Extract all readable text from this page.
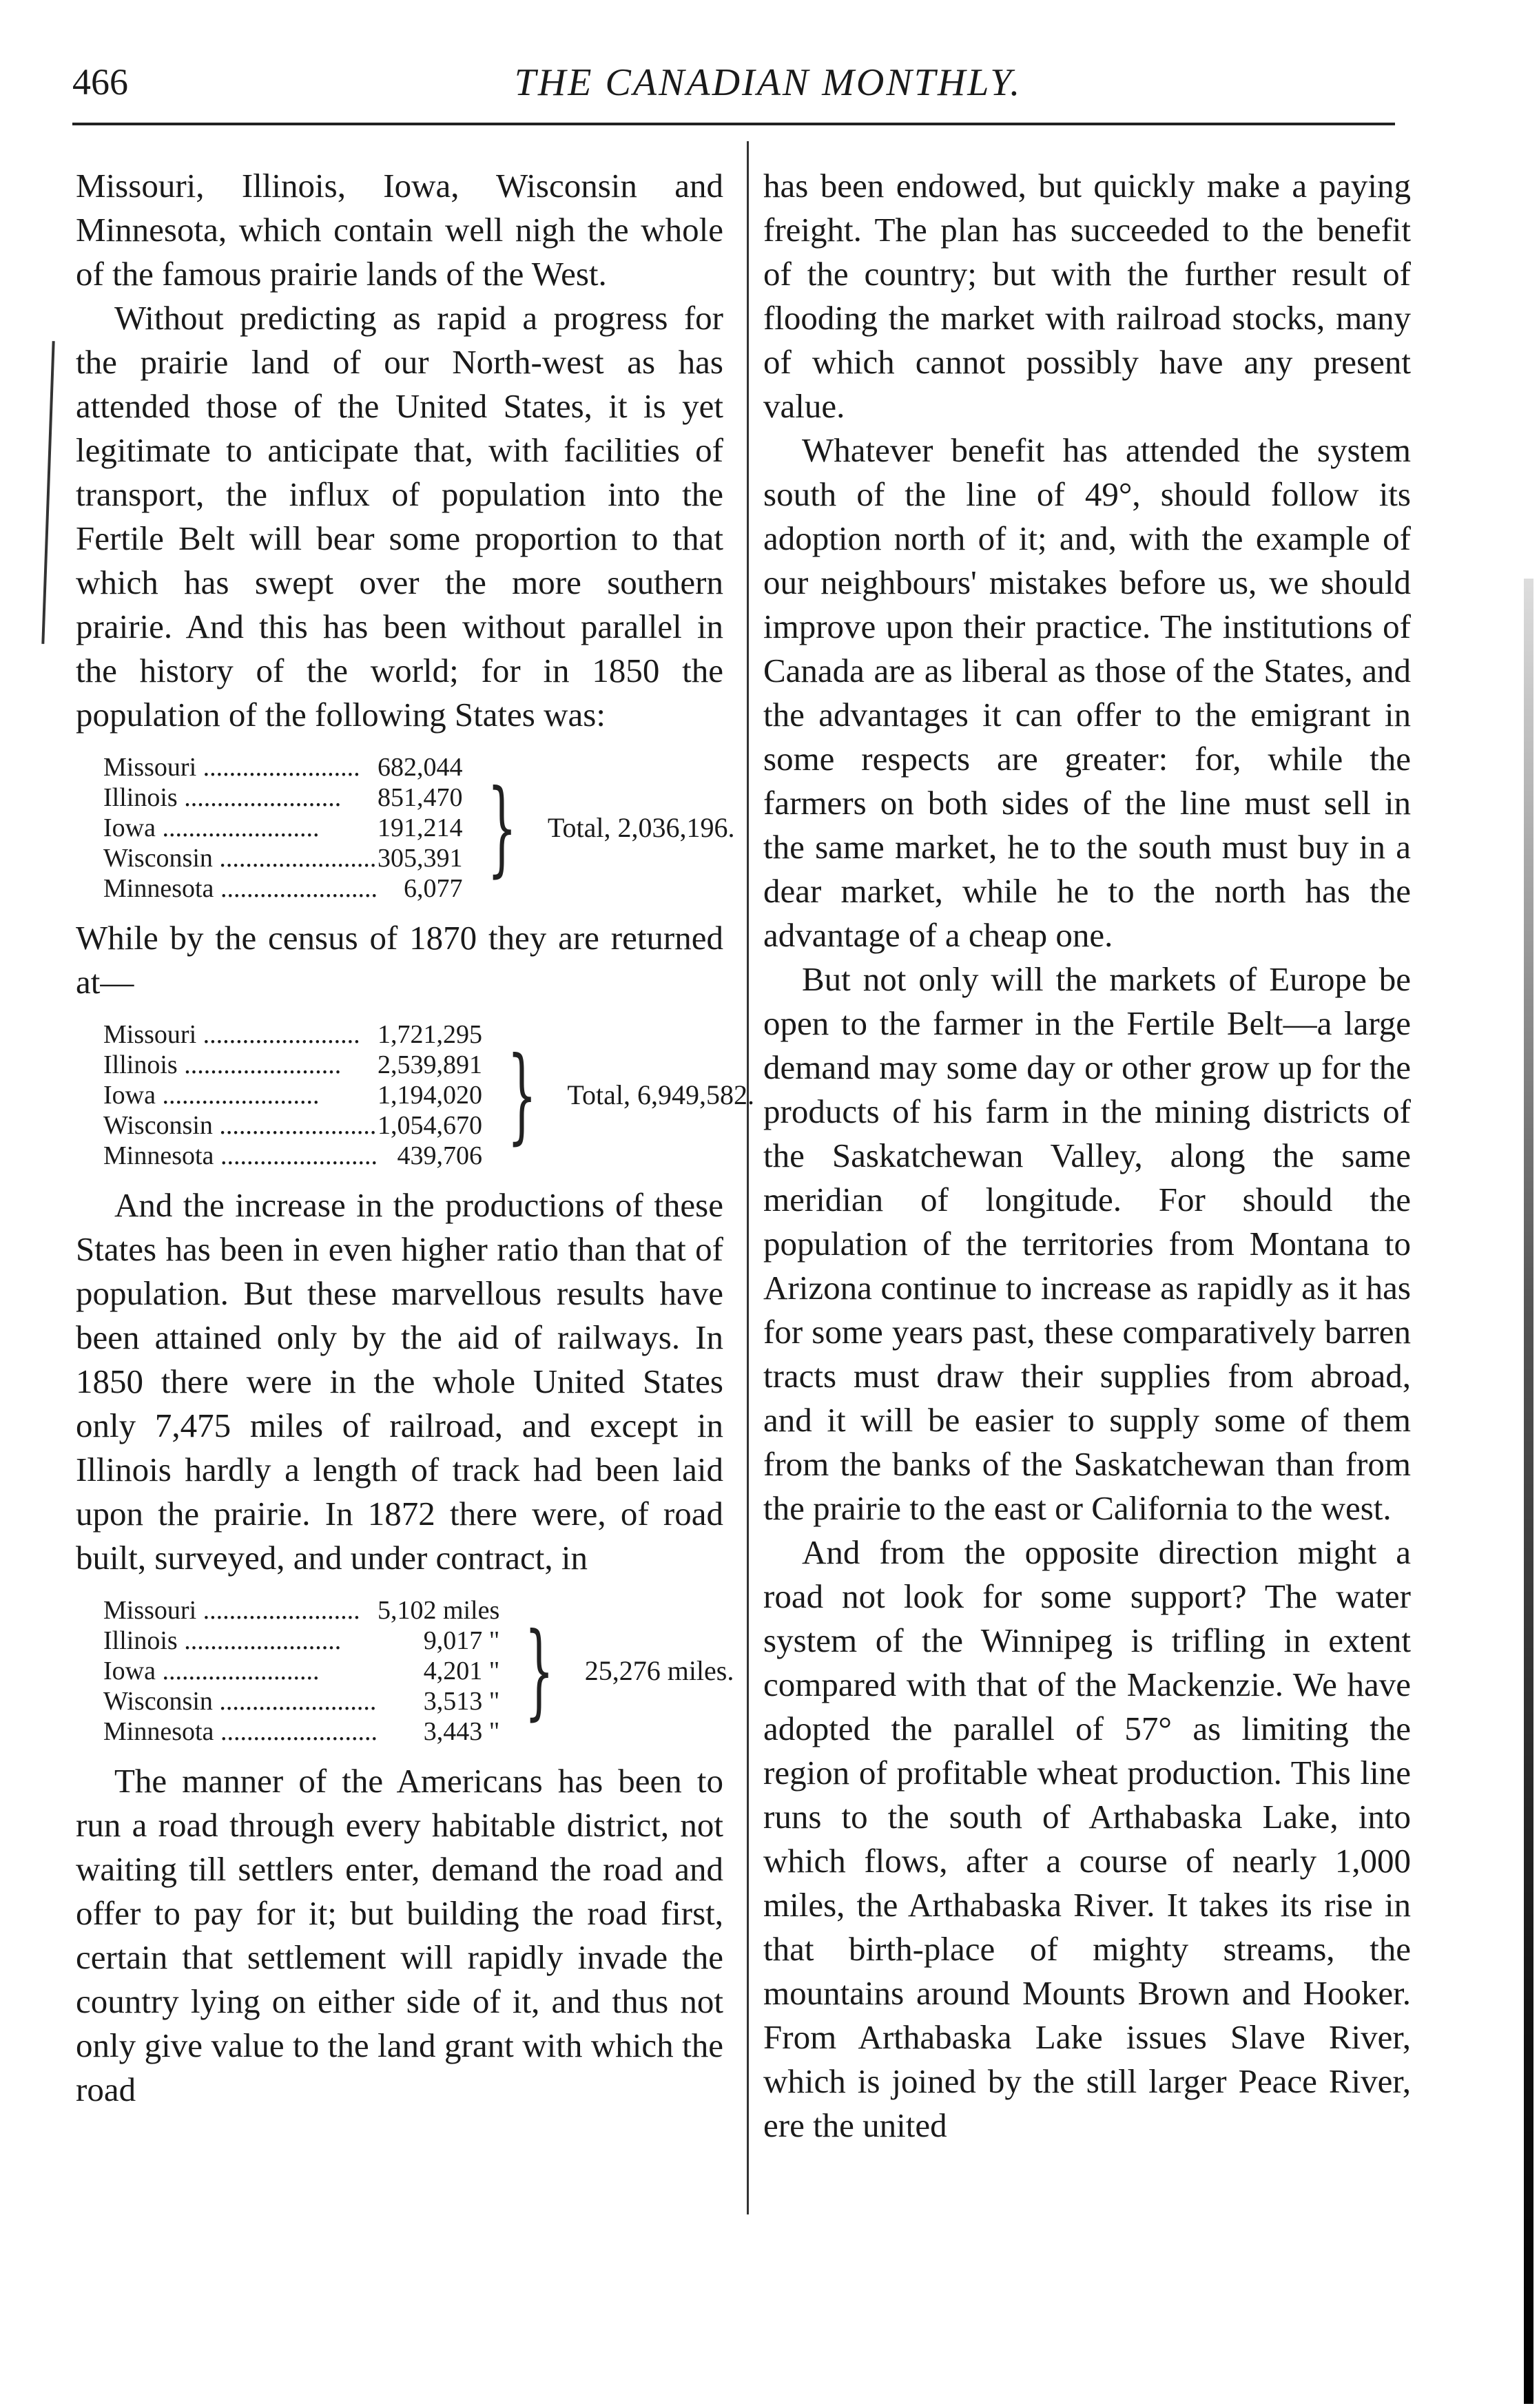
466	THE CANADIAN MONTHLY.

Missouri, Illinois, Iowa, Wisconsin and Minnesota, which contain well nigh the whole of the famous prairie lands of the West.

Without predicting as rapid a progress for the prairie land of our North-west as has attended those of the United States, it is yet legitimate to anticipate that, with facilities of transport, the influx of population into the Fertile Belt will bear some proportion to that which has swept over the more southern prairie. And this has been without parallel in the history of the world; for in 1850 the population of the following States was:

Missouri .....	682,044
Illinois .....	851,470
Iowa .....	191,214
Wisconsin .....	305,391
Minnesota .....	6,077
} Total, 2,036,196.

While by the census of 1870 they are returned at—

Missouri .....	1,721,295
Illinois .....	2,539,891
Iowa .....	1,194,020
Wisconsin .....	1,054,670
Minnesota .....	439,706
} Total, 6,949,582.

And the increase in the productions of these States has been in even higher ratio than that of population. But these marvellous results have been attained only by the aid of railways. In 1850 there were in the whole United States only 7,475 miles of railroad, and except in Illinois hardly a length of track had been laid upon the prairie. In 1872 there were, of road built, surveyed, and under contract, in

Missouri .....	5,102 miles
Illinois .....	9,017 "
Iowa .....	4,201 "
Wisconsin .....	3,513 "
Minnesota .....	3,443 "
} 25,276 miles.

The manner of the Americans has been to run a road through every habitable district, not waiting till settlers enter, demand the road and offer to pay for it; but building the road first, certain that settlement will rapidly invade the country lying on either side of it, and thus not only give value to the land grant with which the road

has been endowed, but quickly make a paying freight. The plan has succeeded to the benefit of the country; but with the further result of flooding the market with railroad stocks, many of which cannot possibly have any present value.

Whatever benefit has attended the system south of the line of 49°, should follow its adoption north of it; and, with the example of our neighbours' mistakes before us, we should improve upon their practice. The institutions of Canada are as liberal as those of the States, and the advantages it can offer to the emigrant in some respects are greater: for, while the farmers on both sides of the line must sell in the same market, he to the south must buy in a dear market, while he to the north has the advantage of a cheap one.

But not only will the markets of Europe be open to the farmer in the Fertile Belt—a large demand may some day or other grow up for the products of his farm in the mining districts of the Saskatchewan Valley, along the same meridian of longitude. For should the population of the territories from Montana to Arizona continue to increase as rapidly as it has for some years past, these comparatively barren tracts must draw their supplies from abroad, and it will be easier to supply some of them from the banks of the Saskatchewan than from the prairie to the east or California to the west.

And from the opposite direction might a road not look for some support? The water system of the Winnipeg is trifling in extent compared with that of the Mackenzie. We have adopted the parallel of 57° as limiting the region of profitable wheat production. This line runs to the south of Arthabaska Lake, into which flows, after a course of nearly 1,000 miles, the Arthabaska River. It takes its rise in that birth-place of mighty streams, the mountains around Mounts Brown and Hooker. From Arthabaska Lake issues Slave River, which is joined by the still larger Peace River, ere the united
